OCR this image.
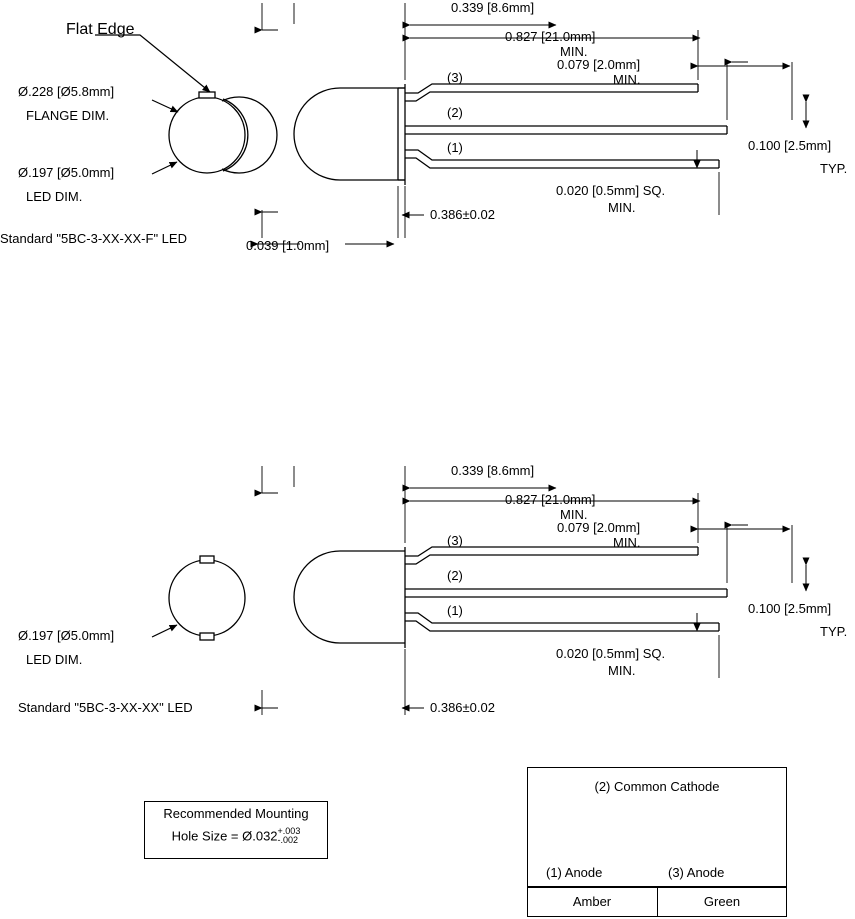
Flat Edge
Ø.228 [Ø5.8mm]
FLANGE DIM.
Ø.197 [Ø5.0mm]
LED DIM.
Standard "5BC-3-XX-XX-F" LED
0.339 [8.6mm]
0.827 [21.0mm]
MIN.
0.079 [2.0mm]
MIN.
(3)
(2)
(1)	0.100 [2.5mm]
TYP.
0.020 [0.5mm] SQ.
MIN.
0.039 [1.0mm]
0.386±0.02
Ø.197 [Ø5.0mm]
LED DIM.
Standard "5BC-3-XX-XX" LED
0.339 [8.6mm]
0.827 [21.0mm]
MIN.
0.079 [2.0mm]
MIN.
(3)
(2)
(1)	0.100 [2.5mm]
TYP.
0.020 [0.5mm] SQ.
MIN.
0.386±0.02
Recommended Mounting
Hole Size = Ø.032 +.003
-.002
(2) Common Cathode
(1) Anode	(3) Anode
Amber	Green
